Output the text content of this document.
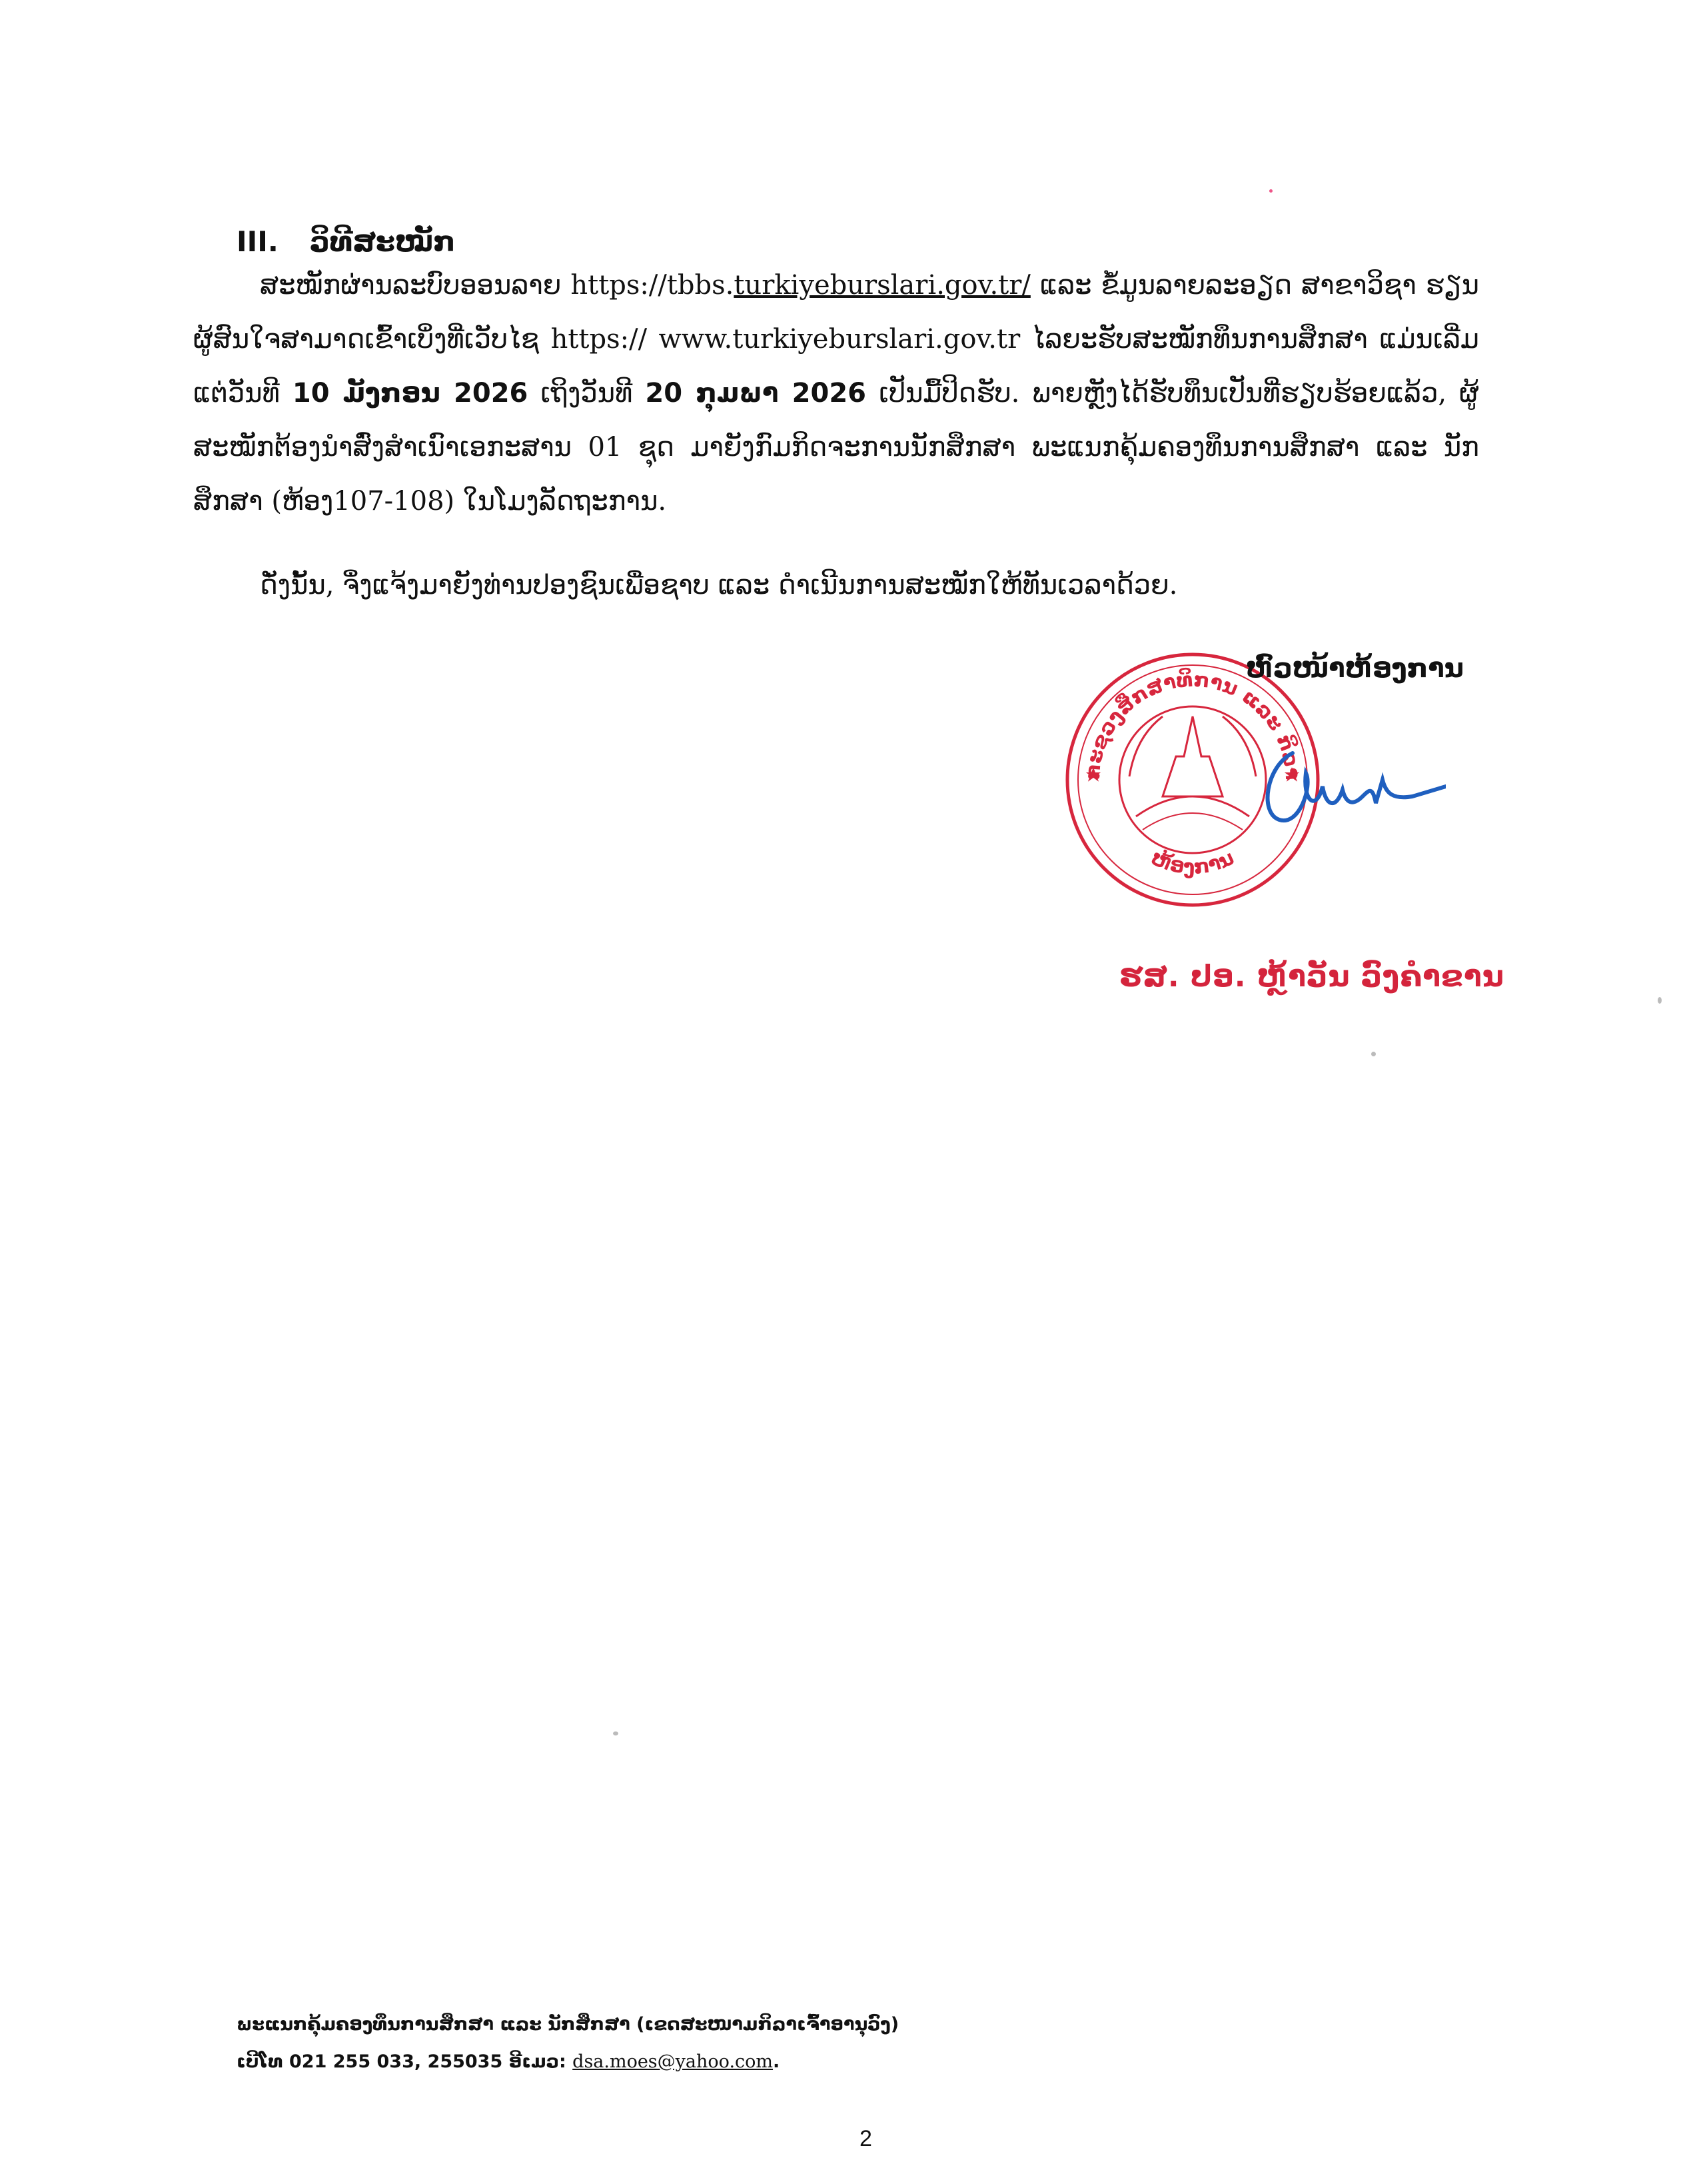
III. ວິທີສະໝັກ
ສະໝັກຜ່ານລະບົບອອນລາຍ https://tbbs.turkiyeburslari.gov.tr/ ແລະ ຂໍ້ມູນລາຍລະອຽດ ສາຂາວິຊາ ຮຽນຜູ້ສົນໃຈສາມາດເຂົ້າເບິ່ງທີ່ເວັບໄຊ https:// www.turkiyeburslari.gov.tr ໄລຍະຮັບສະໝັກທຶນການສຶກສາ ແມ່ນເລີ່ມແຕ່ວັນທີ 10 ມັງກອນ 2026 ເຖິງວັນທີ 20 ກຸມພາ 2026 ເປັນມື້ປິດຮັບ. ພາຍຫຼັງໄດ້ຮັບທຶນເປັນທີ່ຮຽບຮ້ອຍແລ້ວ, ຜູ້ສະໝັກຕ້ອງນໍາສົ່ງສໍາເນົາເອກະສານ 01 ຊຸດ ມາຍັງກົມກິດຈະການນັກສຶກສາ ພະແນກຄຸ້ມຄອງທຶນການສຶກສາ ແລະ ນັກສຶກສາ (ຫ້ອງ107-108) ໃນໂມງລັດຖະການ.
ດັ່ງນັ້ນ, ຈຶ່ງແຈ້ງມາຍັງທ່ານປອງຊົນເພື່ອຊາບ ແລະ ດໍາເນີນການສະໝັກໃຫ້ທັນເວລາດ້ວຍ.
ກະຊວງສຶກສາທິການ ແລະ ກິລາ
ຫ້ອງການ
ຫົວໜ້າຫ້ອງການ
ຮສ. ປອ. ຫຼ້າວັນ ວົງຄໍາຂານ
ພະແນກຄຸ້ມຄອງທຶນການສຶກສາ ແລະ ນັກສຶກສາ (ເຂດສະໜາມກິລາເຈົ້າອານຸວົງ)
ເບີໂທ 021 255 033, 255035 ອີເມວ: dsa.moes@yahoo.com.
2
